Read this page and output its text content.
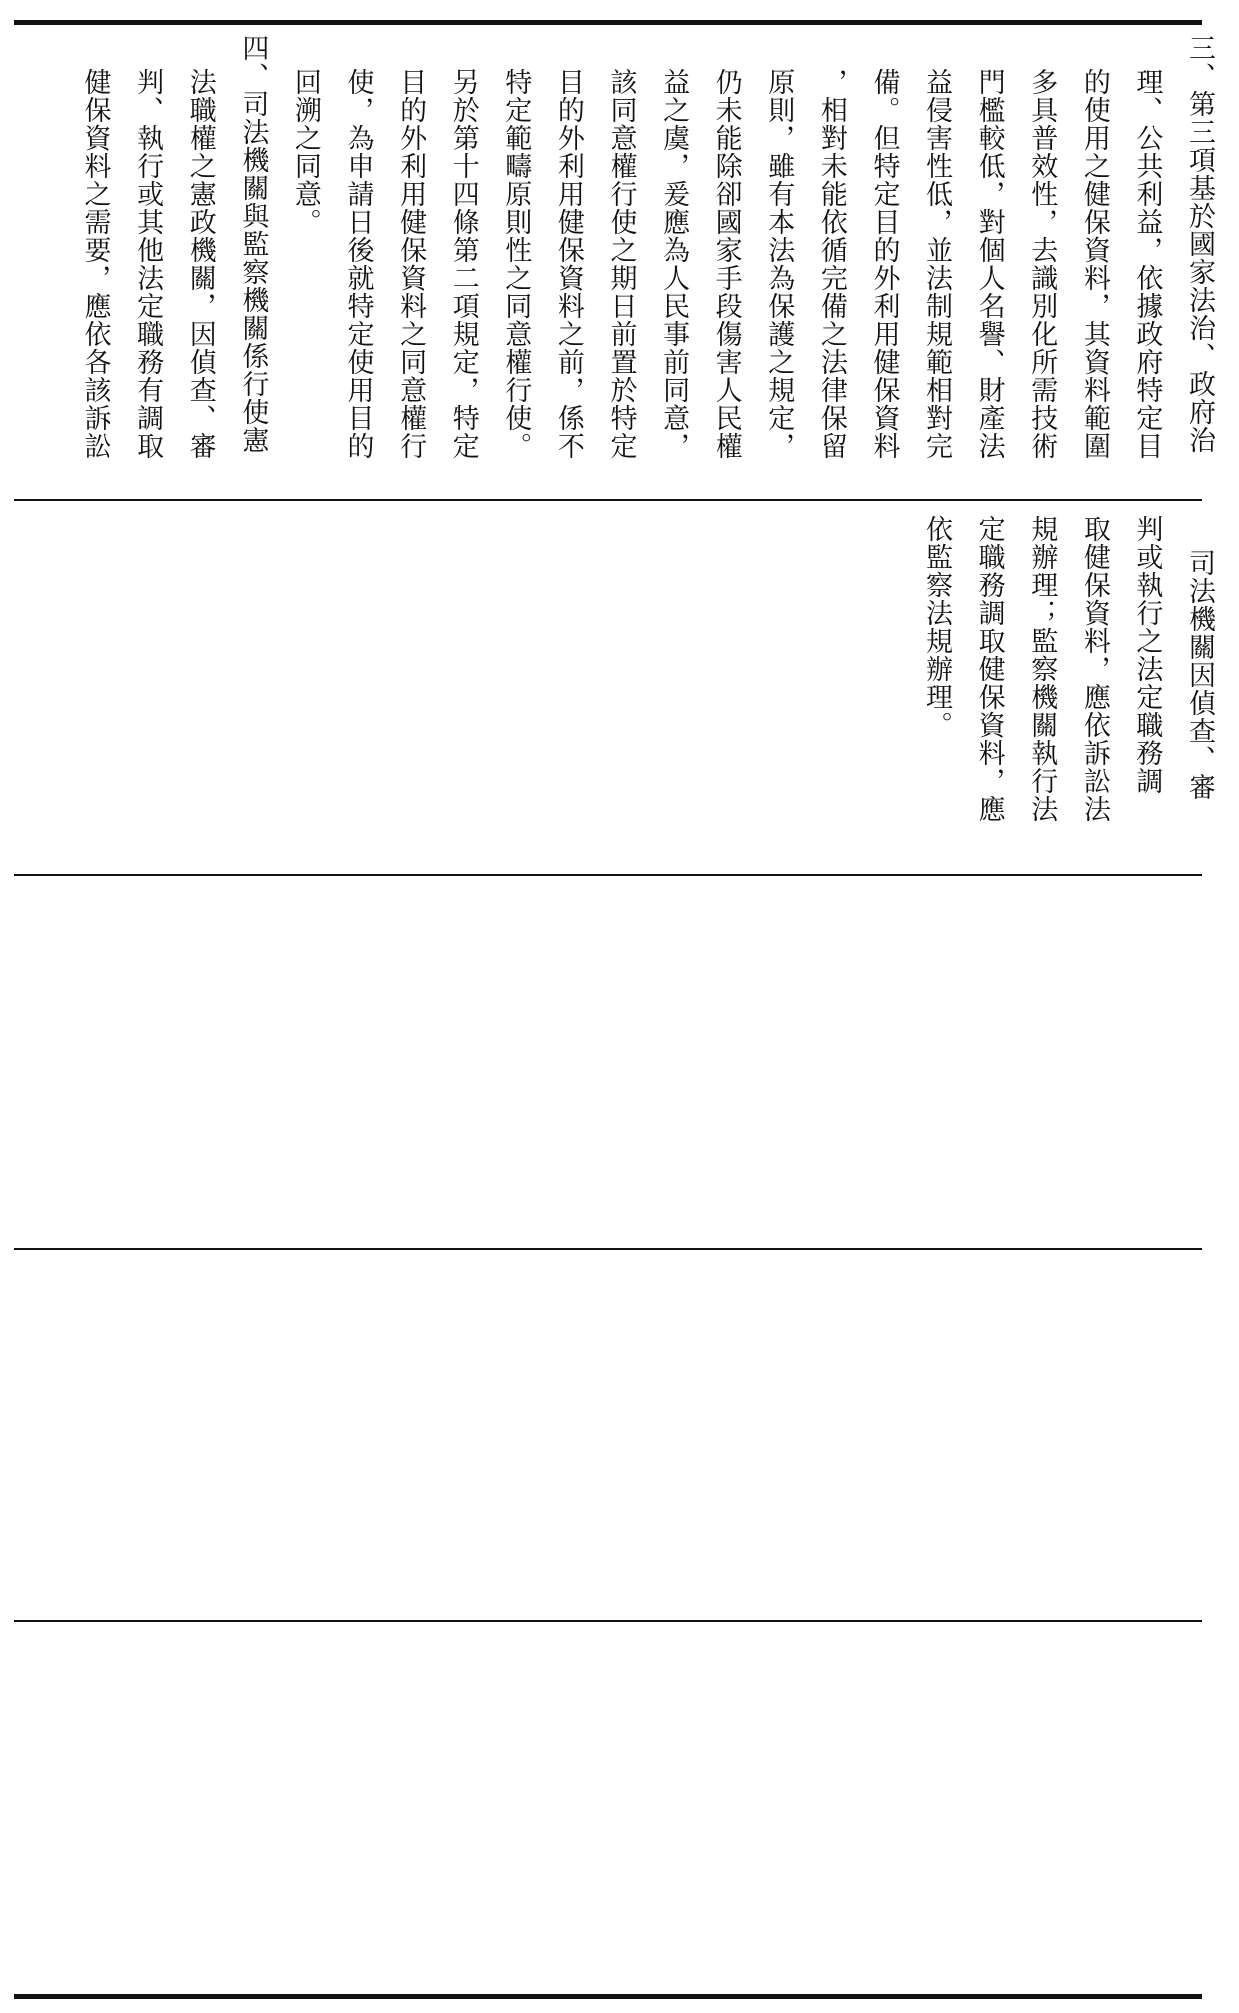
三、第三項基於國家法治、政府治
理、公共利益，依據政府特定目
的使用之健保資料，其資料範圍
多具普效性，去識別化所需技術
門檻較低，對個人名譽、財產法
益侵害性低，並法制規範相對完
備。但特定目的外利用健保資料
，相對未能依循完備之法律保留
原則，雖有本法為保護之規定，
仍未能除卻國家手段傷害人民權
益之虞，爰應為人民事前同意，
該同意權行使之期日前置於特定
目的外利用健保資料之前，係不
特定範疇原則性之同意權行使。
另於第十四條第二項規定，特定
目的外利用健保資料之同意權行
使，為申請日後就特定使用目的
回溯之同意。
四、司法機關與監察機關係行使憲
法職權之憲政機關，因偵查、審
判、執行或其他法定職務有調取
健保資料之需要，應依各該訴訟
司法機關因偵查、審
判或執行之法定職務調
取健保資料，應依訴訟法
規辦理；監察機關執行法
定職務調取健保資料，應
依監察法規辦理。
